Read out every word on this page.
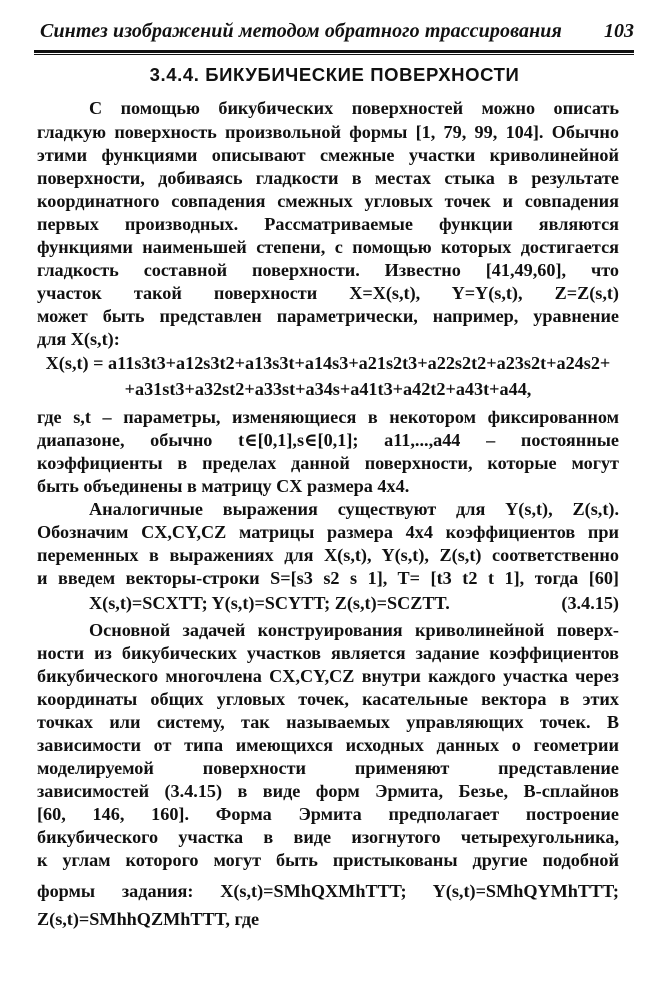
Синтез изображений методом обратного трассирования 103
3.4.4. БИКУБИЧЕСКИЕ ПОВЕРХНОСТИ
С помощью бикубических поверхностей можно описать
гладкую поверхность произвольной формы [1, 79, 99, 104]. Обычно
этими функциями описывают смежные участки криволинейной
поверхности, добиваясь гладкости в местах стыка в результате
координатного совпадения смежных угловых точек и совпадения
первых производных. Рассматриваемые функции являются
функциями наименьшей степени, с помощью которых достигается
гладкость составной поверхности. Известно [41,49,60], что
участок такой поверхности X=X(s,t), Y=Y(s,t), Z=Z(s,t)
может быть представлен параметрически, например, уравнение
для X(s,t):
X(s,t) = a11s3t3+a12s3t2+a13s3t+a14s3+a21s2t3+a22s2t2+a23s2t+a24s2+
+a31st3+a32st2+a33st+a34s+a41t3+a42t2+a43t+a44,
где s,t – параметры, изменяющиеся в некотором фиксированном
диапазоне, обычно t∈[0,1],s∈[0,1]; a11,...,a44 – постоянные
коэффициенты в пределах данной поверхности, которые могут
быть объединены в матрицу CX размера 4x4.
Аналогичные выражения существуют для Y(s,t), Z(s,t).
Обозначим CX,CY,CZ матрицы размера 4x4 коэффициентов при
переменных в выражениях для X(s,t), Y(s,t), Z(s,t) соответственно
и введем векторы-строки S=[s3 s2 s 1], T= [t3 t2 t 1], тогда [60]
X(s,t)=SCXTT; Y(s,t)=SCYTT; Z(s,t)=SCZTT.	(3.4.15)
Основной задачей конструирования криволинейной поверх-
ности из бикубических участков является задание коэффициентов
бикубического многочлена CX,CY,CZ внутри каждого участка через
координаты общих угловых точек, касательные вектора в этих
точках или систему, так называемых управляющих точек. В
зависимости от типа имеющихся исходных данных о геометрии
моделируемой поверхности применяют представление
зависимостей (3.4.15) в виде форм Эрмита, Безье, B-сплайнов
[60, 146, 160]. Форма Эрмита предполагает построение
бикубического участка в виде изогнутого четырехугольника,
к углам которого могут быть пристыкованы другие подобной
формы задания: X(s,t)=SMhQXMhTTT; Y(s,t)=SMhQYMhTTT;
Z(s,t)=SMhhQZMhTTT, где
